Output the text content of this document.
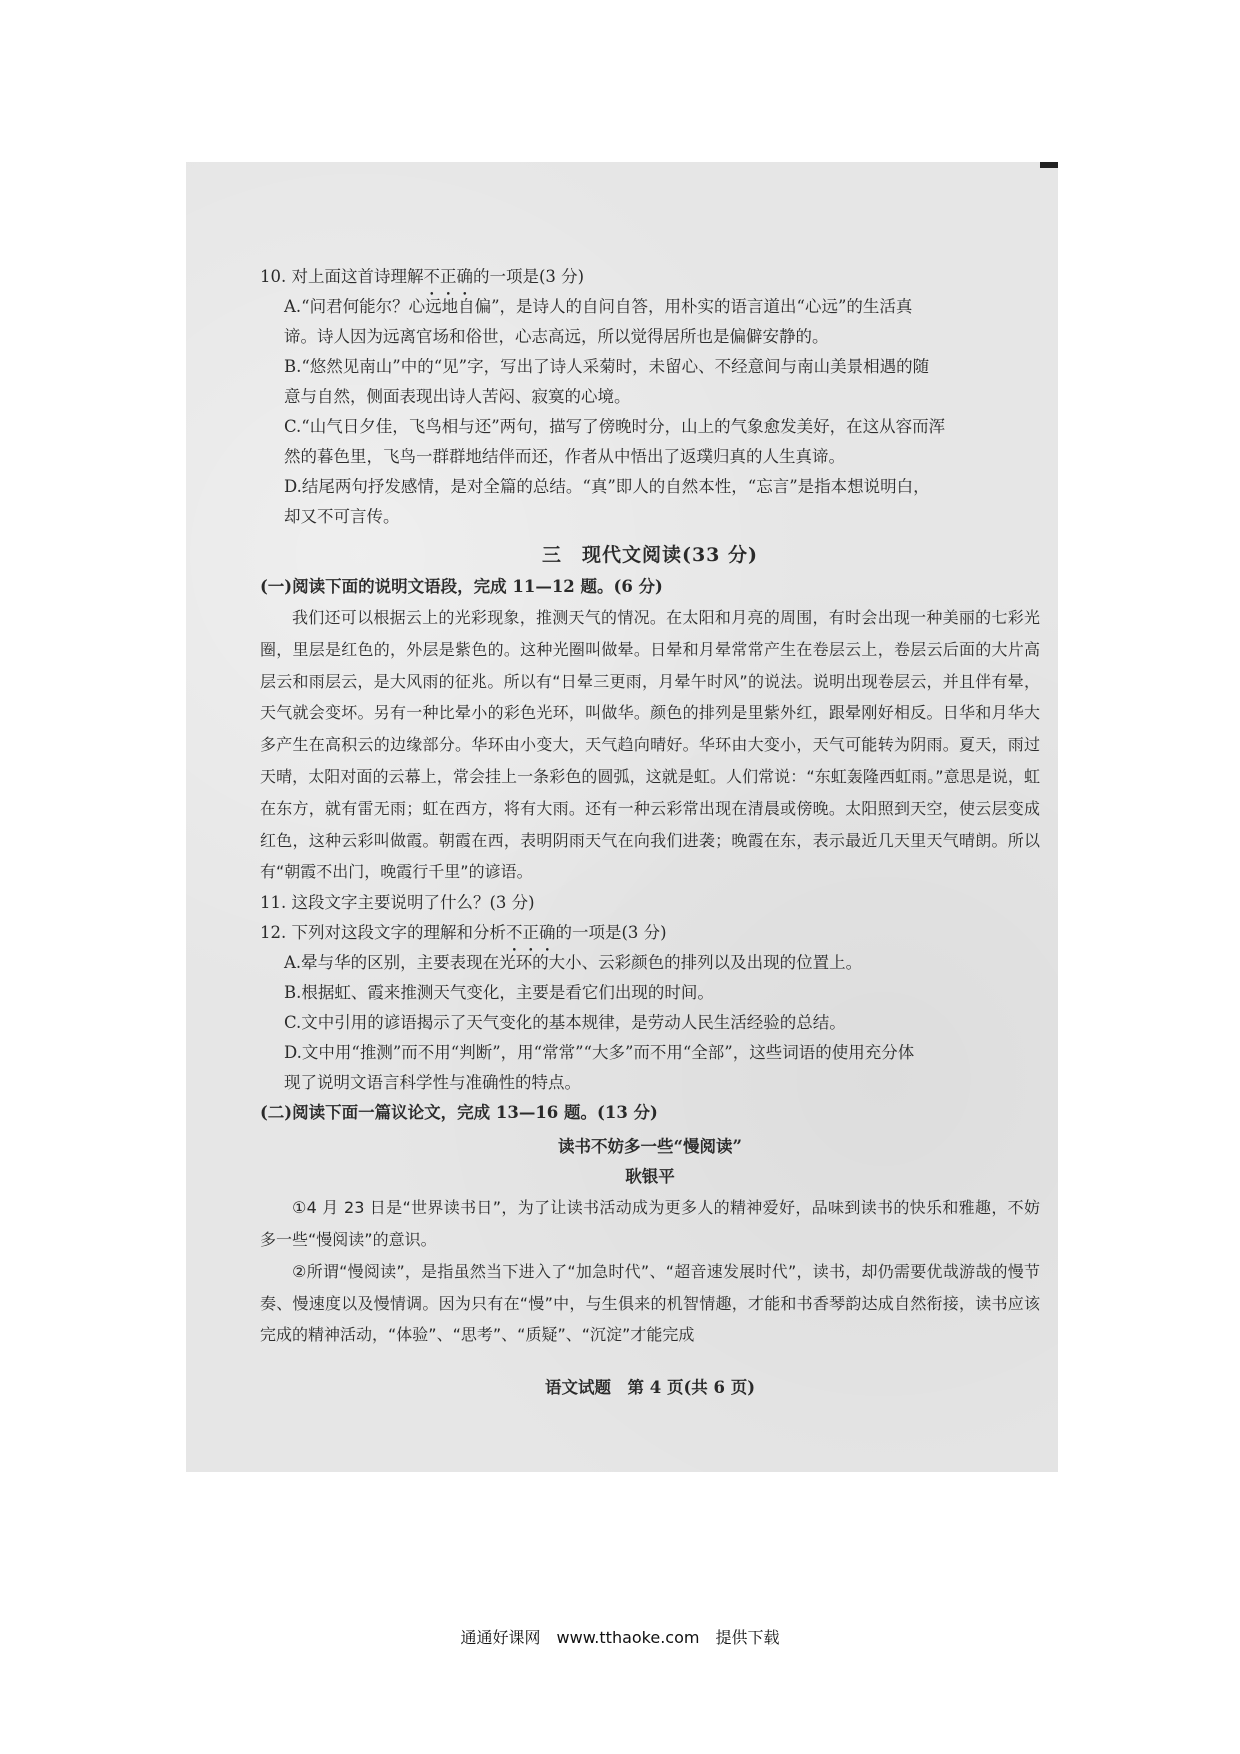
10. 对上面这首诗理解不正确的一项是(3 分)

A.“问君何能尔？心远地自偏”，是诗人的自问自答，用朴实的语言道出“心远”的生活真

谛。诗人因为远离官场和俗世，心志高远，所以觉得居所也是偏僻安静的。

B.“悠然见南山”中的“见”字，写出了诗人采菊时，未留心、不经意间与南山美景相遇的随

意与自然，侧面表现出诗人苦闷、寂寞的心境。

C.“山气日夕佳，飞鸟相与还”两句，描写了傍晚时分，山上的气象愈发美好，在这从容而浑

然的暮色里，飞鸟一群群地结伴而还，作者从中悟出了返璞归真的人生真谛。

D.结尾两句抒发感情，是对全篇的总结。“真”即人的自然本性，“忘言”是指本想说明白，

却又不可言传。

三　现代文阅读(33 分)

(一)阅读下面的说明文语段，完成 11—12 题。(6 分)

我们还可以根据云上的光彩现象，推测天气的情况。在太阳和月亮的周围，有时会出现一种美丽的七彩光圈，里层是红色的，外层是紫色的。这种光圈叫做晕。日晕和月晕常常产生在卷层云上，卷层云后面的大片高层云和雨层云，是大风雨的征兆。所以有“日晕三更雨，月晕午时风”的说法。说明出现卷层云，并且伴有晕，天气就会变坏。另有一种比晕小的彩色光环，叫做华。颜色的排列是里紫外红，跟晕刚好相反。日华和月华大多产生在高积云的边缘部分。华环由小变大，天气趋向晴好。华环由大变小，天气可能转为阴雨。夏天，雨过天晴，太阳对面的云幕上，常会挂上一条彩色的圆弧，这就是虹。人们常说：“东虹轰隆西虹雨。”意思是说，虹在东方，就有雷无雨；虹在西方，将有大雨。还有一种云彩常出现在清晨或傍晚。太阳照到天空，使云层变成红色，这种云彩叫做霞。朝霞在西，表明阴雨天气在向我们进袭；晚霞在东，表示最近几天里天气晴朗。所以有“朝霞不出门，晚霞行千里”的谚语。

11. 这段文字主要说明了什么？(3 分)

12. 下列对这段文字的理解和分析不正确的一项是(3 分)

A.晕与华的区别，主要表现在光环的大小、云彩颜色的排列以及出现的位置上。

B.根据虹、霞来推测天气变化，主要是看它们出现的时间。

C.文中引用的谚语揭示了天气变化的基本规律，是劳动人民生活经验的总结。

D.文中用“推测”而不用“判断”，用“常常”“大多”而不用“全部”，这些词语的使用充分体

现了说明文语言科学性与准确性的特点。

(二)阅读下面一篇议论文，完成 13—16 题。(13 分)

读书不妨多一些“慢阅读”

耿银平

①4 月 23 日是“世界读书日”，为了让读书活动成为更多人的精神爱好，品味到读书的快乐和雅趣，不妨多一些“慢阅读”的意识。

②所谓“慢阅读”，是指虽然当下进入了“加急时代”、“超音速发展时代”，读书，却仍需要优哉游哉的慢节奏、慢速度以及慢情调。因为只有在“慢”中，与生俱来的机智情趣，才能和书香琴韵达成自然衔接，读书应该完成的精神活动，“体验”、“思考”、“质疑”、“沉淀”才能完成

语文试题　第 4 页(共 6 页)

通通好课网　www.tthaoke.com　提供下载
